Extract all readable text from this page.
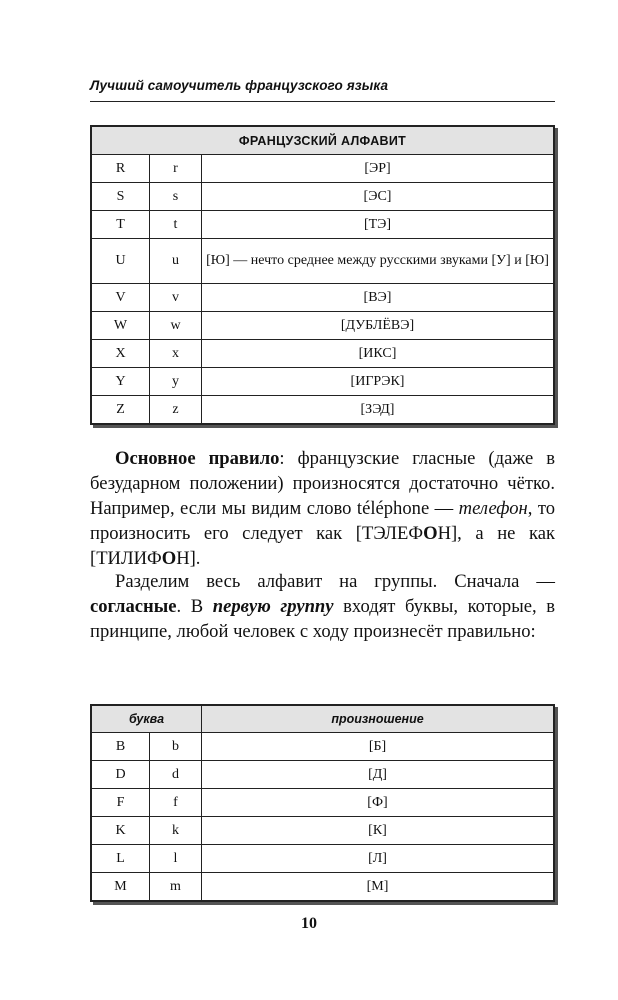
Лучший самоучитель французского языка
ФРАНЦУЗСКИЙ АЛФАВИТ		
R	r	[ЭР]
S	s	[ЭС]
T	t	[ТЭ]
U	u	[Ю] — нечто среднее между русскими звуками [У] и [Ю]
V	v	[ВЭ]
W	w	[ДУБЛЁВЭ]
X	x	[ИКС]
Y	y	[ИГРЭК]
Z	z	[ЗЭД]
Основное правило: французские гласные (даже в безударном положении) произносятся достаточно чётко. Например, если мы видим слово téléphone — телефон, то произносить его следует как [ТЭЛЕФОН], а не как [ТИЛИФОН].
Разделим весь алфавит на группы. Сначала — согласные. В первую группу входят буквы, которые, в принципе, любой человек с ходу произнесёт правильно:
буква		произношение
B	b	[Б]
D	d	[Д]
F	f	[Ф]
K	k	[К]
L	l	[Л]
M	m	[М]
10
